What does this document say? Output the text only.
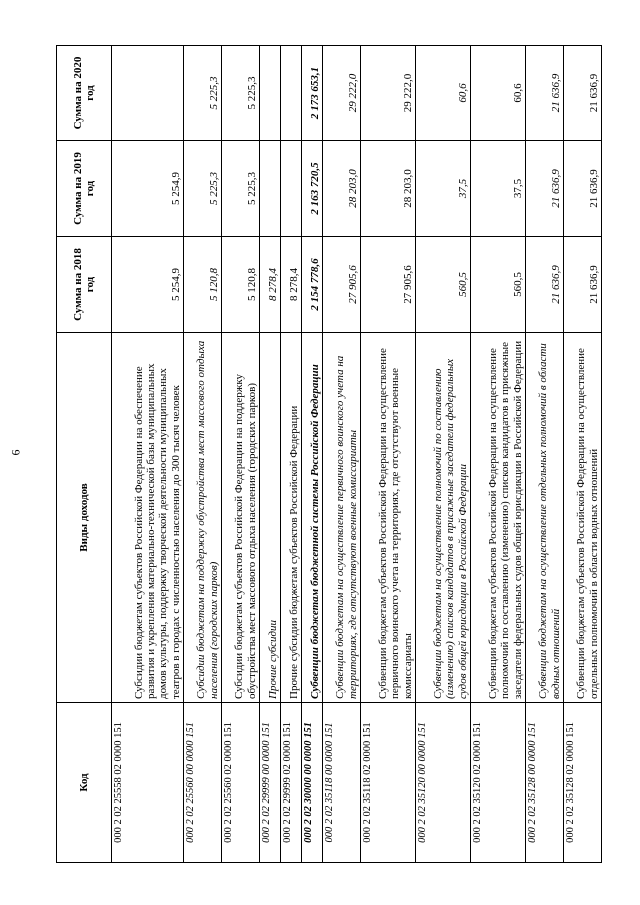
6
Код	Виды доходов	Сумма на 2018 год	Сумма на 2019 год	Сумма на 2020 год
000 2 02 25558 02 0000 151	Субсидии бюджетам субъектов Российской Федерации на обеспечение развития и укрепления материально-технической базы муниципальных домов культуры, поддержку творческой деятельности муниципальных театров в городах с численностью населения до 300 тысяч человек	5 254,9	5 254,9	
000 2 02 25560 00 0000 151	Субсидии бюджетам на поддержку обустройства мест массового отдыха населения (городских парков)	5 120,8	5 225,3	5 225,3
000 2 02 25560 02 0000 151	Субсидии бюджетам субъектов Российской Федерации на поддержку обустройства мест массового отдыха населения (городских парков)	5 120,8	5 225,3	5 225,3
000 2 02 29999 00 0000 151	Прочие субсидии	8 278,4		
000 2 02 29999 02 0000 151	Прочие субсидии бюджетам субъектов Российской Федерации	8 278,4		
000 2 02 30000 00 0000 151	Субвенции бюджетам бюджетной системы Российской Федерации	2 154 778,6	2 163 720,5	2 173 653,1
000 2 02 35118 00 0000 151	Субвенции бюджетам на осуществление первичного воинского учета на территориях, где отсутствуют военные комиссариаты	27 905,6	28 203,0	29 222,0
000 2 02 35118 02 0000 151	Субвенции бюджетам субъектов Российской Федерации на осуществление первичного воинского учета на территориях, где отсутствуют военные комиссариаты	27 905,6	28 203,0	29 222,0
000 2 02 35120 00 0000 151	Субвенции бюджетам на осуществление полномочий по составлению (изменению) списков кандидатов в присяжные заседатели федеральных судов общей юрисдикции в Российской Федерации	560,5	37,5	60,6
000 2 02 35120 02 0000 151	Субвенции бюджетам субъектов Российской Федерации на осуществление полномочий по составлению (изменению) списков кандидатов в присяжные заседатели федеральных судов общей юрисдикции в Российской Федерации	560,5	37,5	60,6
000 2 02 35128 00 0000 151	Субвенции бюджетам на осуществление отдельных полномочий в области водных отношений	21 636,9	21 636,9	21 636,9
000 2 02 35128 02 0000 151	Субвенции бюджетам субъектов Российской Федерации на осуществление отдельных полномочий в области водных отношений	21 636,9	21 636,9	21 636,9
